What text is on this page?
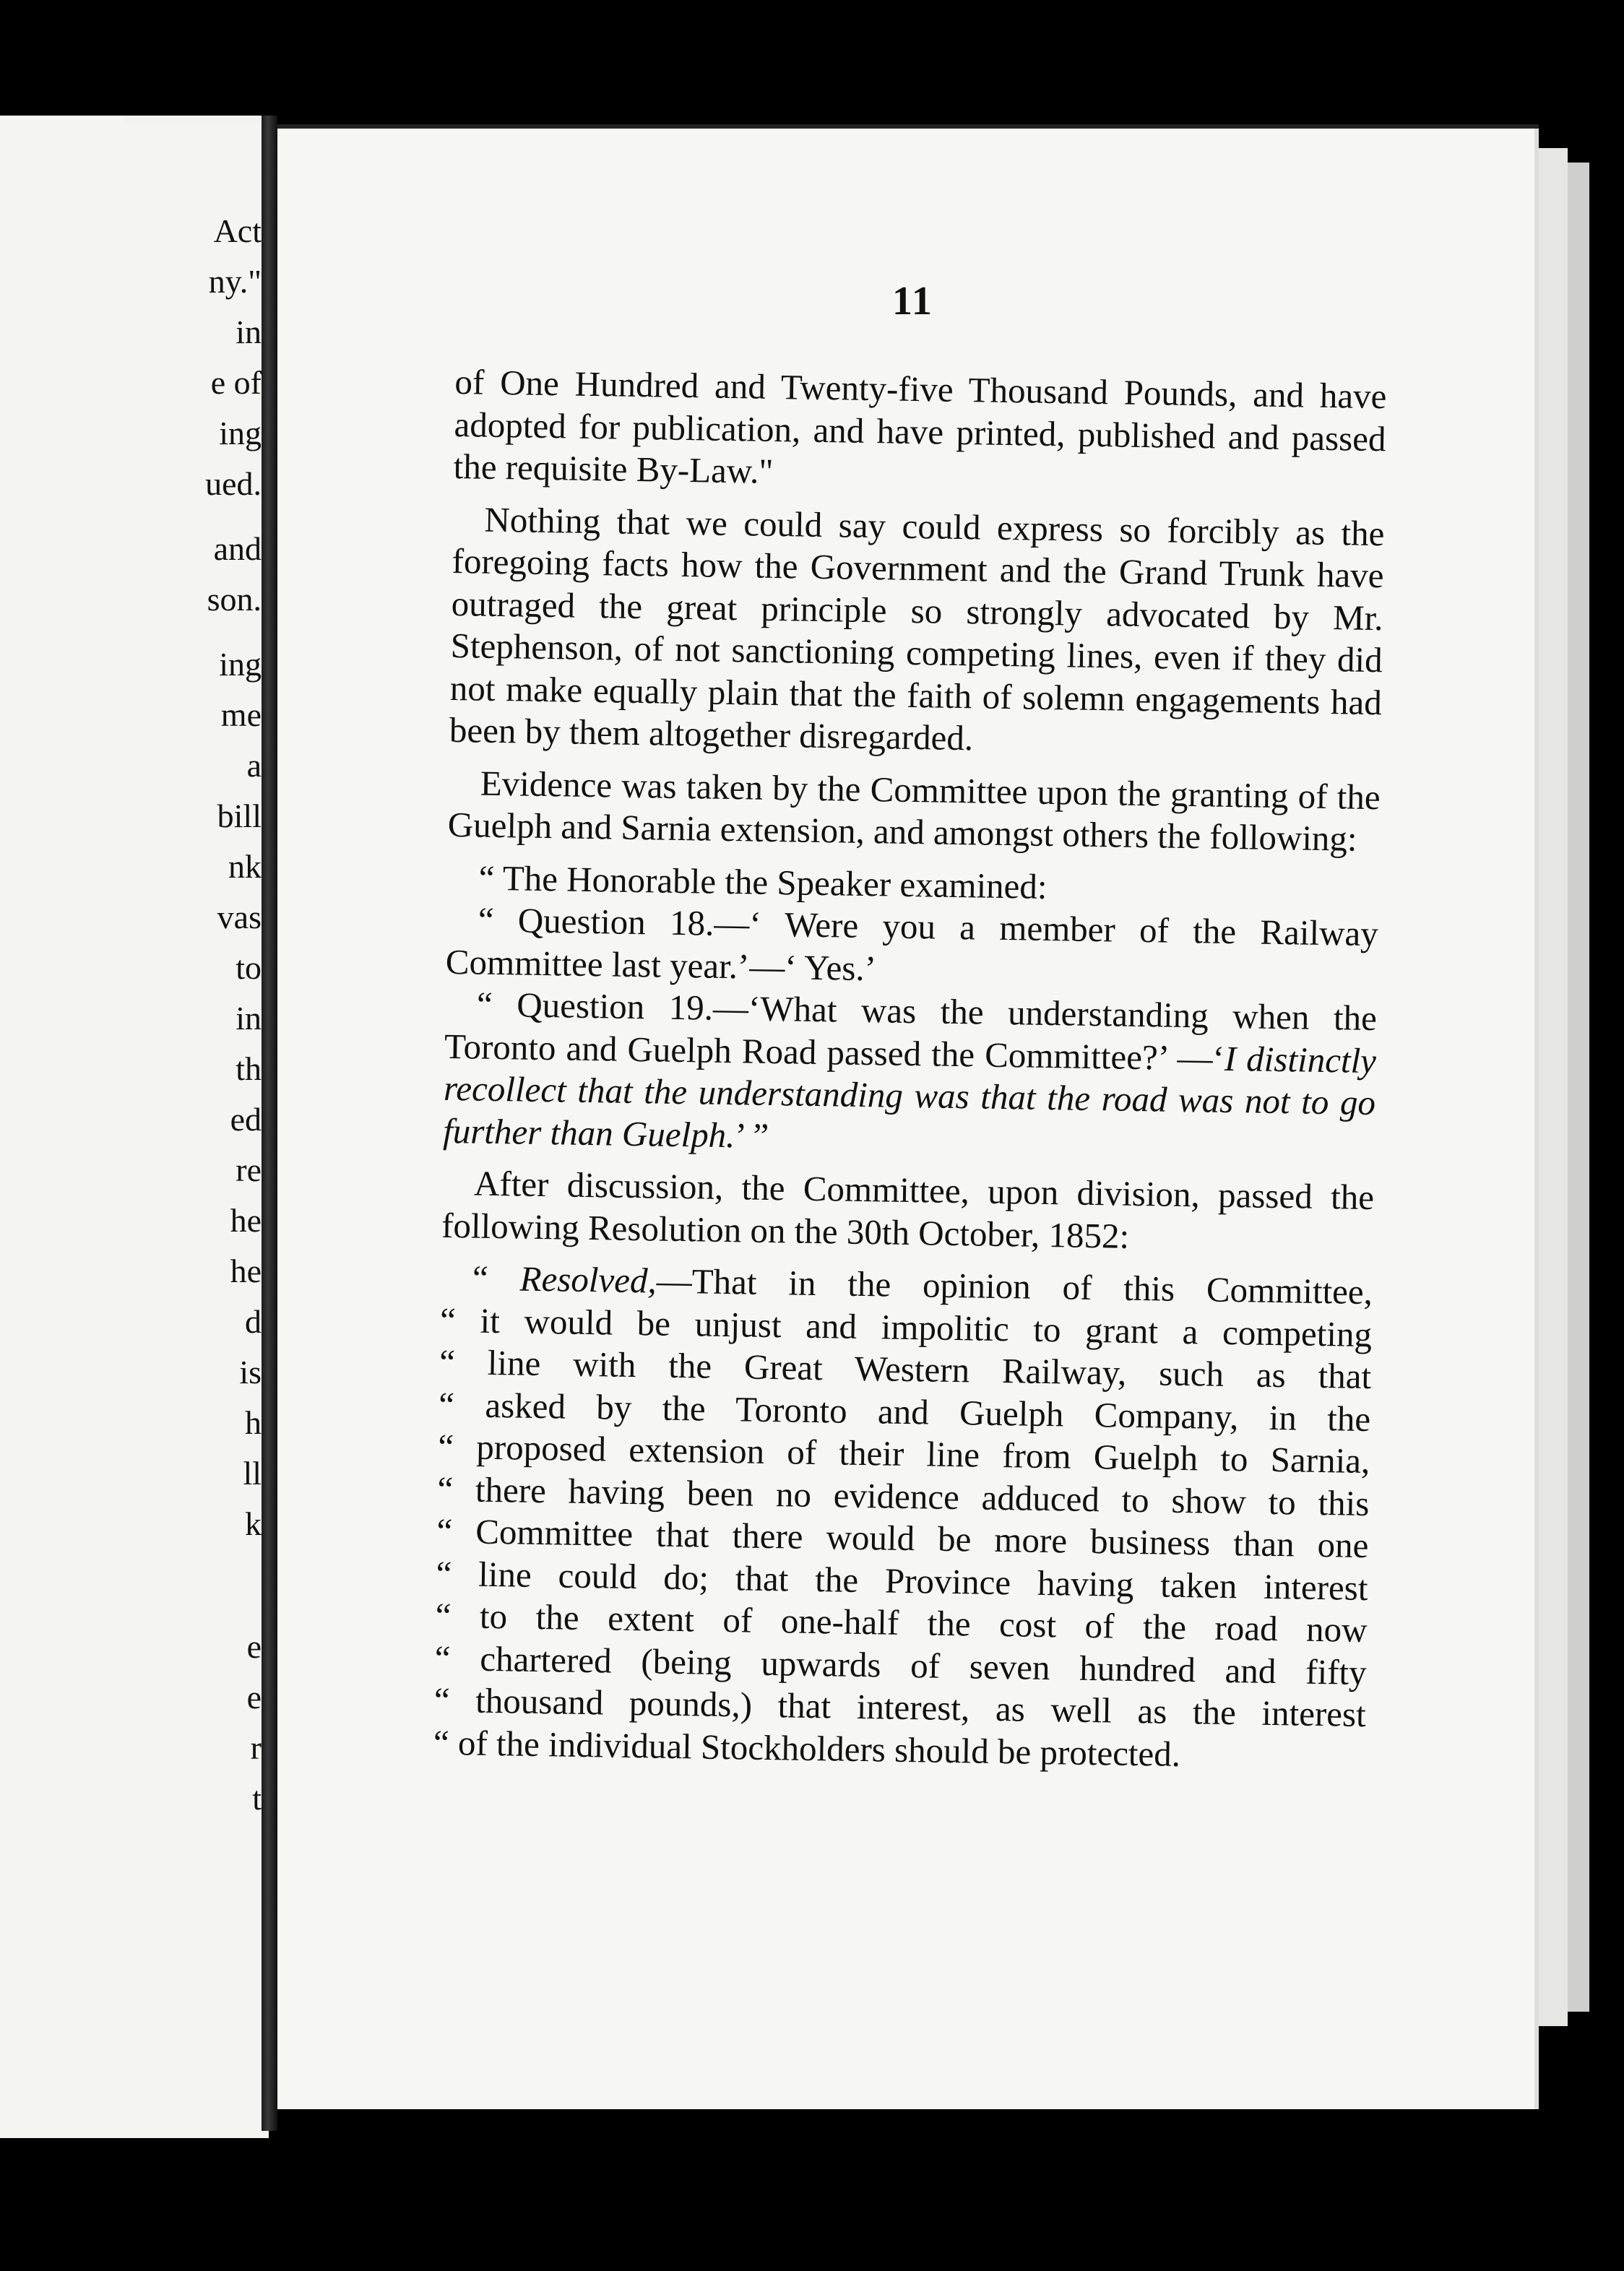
Act
ny."
in
e of
ing
ued.
and
son.
ing
me
a
bill
nk
vas
to
in
th
ed
re
he
he
d
is
h
ll
k
e
e
r
t
11

of One Hundred and Twenty-five Thousand Pounds, and have adopted for publication, and have printed, published and passed the requisite By-Law."

Nothing that we could say could express so forcibly as the foregoing facts how the Government and the Grand Trunk have outraged the great principle so strongly advocated by Mr. Stephenson, of not sanctioning competing lines, even if they did not make equally plain that the faith of solemn engagements had been by them altogether disregarded.

Evidence was taken by the Committee upon the granting of the Guelph and Sarnia extension, and amongst others the following:

“ The Honorable the Speaker examined:

“ Question 18.—‘ Were you a member of the Railway Committee last year.’—‘ Yes.’

“ Question 19.—‘What was the understanding when the Toronto and Guelph Road passed the Committee?’ —‘I distinctly recollect that the understanding was that the road was not to go further than Guelph.’ ”

After discussion, the Committee, upon division, passed the following Resolution on the 30th October, 1852:

“ Resolved,—That in the opinion of this Committee,
“ it would be unjust and impolitic to grant a competing
“ line with the Great Western Railway, such as that
“ asked by the Toronto and Guelph Company, in the
“ proposed extension of their line from Guelph to Sarnia,
“ there having been no evidence adduced to show to this
“ Committee that there would be more business than one
“ line could do; that the Province having taken interest
“ to the extent of one-half the cost of the road now
“ chartered (being upwards of seven hundred and fifty
“ thousand pounds,) that interest, as well as the interest
“ of the individual Stockholders should be protected.
